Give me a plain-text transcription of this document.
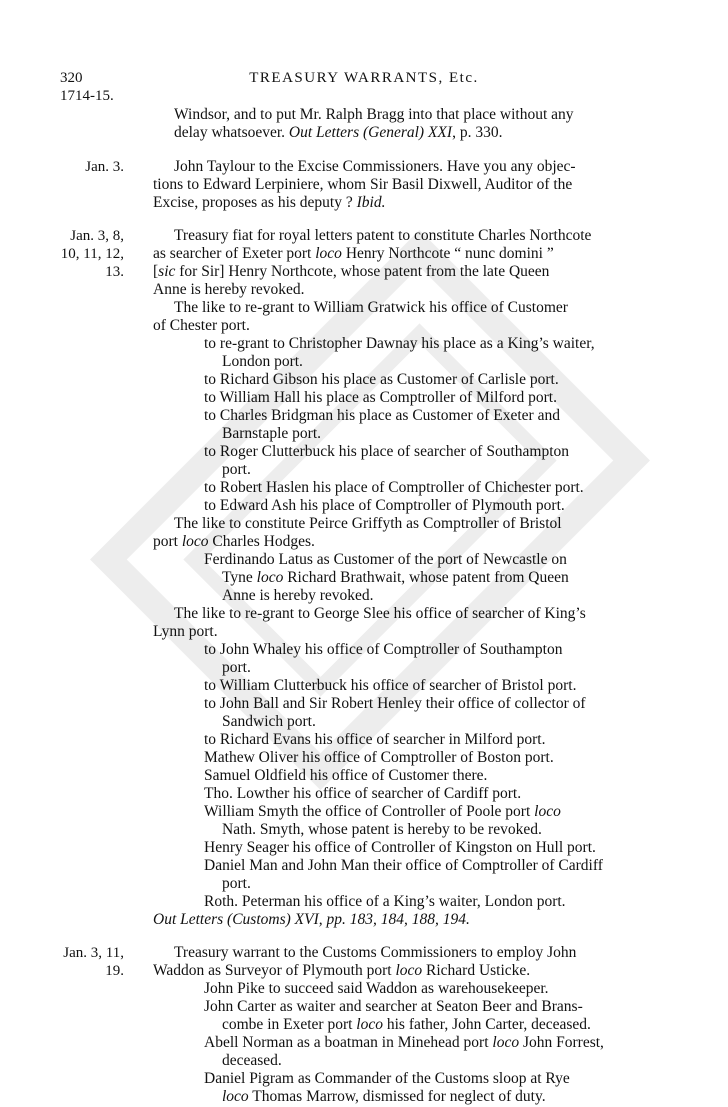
320	TREASURY WARRANTS, Etc.
1714-15.
Windsor, and to put Mr. Ralph Bragg into that place without any
delay whatsoever. Out Letters (General) XXI, p. 330.
Jan. 3.	John Taylour to the Excise Commissioners. Have you any objec-
tions to Edward Lerpiniere, whom Sir Basil Dixwell, Auditor of the
Excise, proposes as his deputy ? Ibid.
Jan. 3, 8,
10, 11, 12,
13.
Treasury fiat for royal letters patent to constitute Charles Northcote
as searcher of Exeter port loco Henry Northcote “ nunc domini ”
[sic for Sir] Henry Northcote, whose patent from the late Queen
Anne is hereby revoked.
The like to re-grant to William Gratwick his office of Customer
of Chester port.
to re-grant to Christopher Dawnay his place as a King’s waiter,
London port.
to Richard Gibson his place as Customer of Carlisle port.
to William Hall his place as Comptroller of Milford port.
to Charles Bridgman his place as Customer of Exeter and
Barnstaple port.
to Roger Clutterbuck his place of searcher of Southampton
port.
to Robert Haslen his place of Comptroller of Chichester port.
to Edward Ash his place of Comptroller of Plymouth port.
The like to constitute Peirce Griffyth as Comptroller of Bristol
port loco Charles Hodges.
Ferdinando Latus as Customer of the port of Newcastle on
Tyne loco Richard Brathwait, whose patent from Queen
Anne is hereby revoked.
The like to re-grant to George Slee his office of searcher of King’s
Lynn port.
to John Whaley his office of Comptroller of Southampton
port.
to William Clutterbuck his office of searcher of Bristol port.
to John Ball and Sir Robert Henley their office of collector of
Sandwich port.
to Richard Evans his office of searcher in Milford port.
Mathew Oliver his office of Comptroller of Boston port.
Samuel Oldfield his office of Customer there.
Tho. Lowther his office of searcher of Cardiff port.
William Smyth the office of Controller of Poole port loco
Nath. Smyth, whose patent is hereby to be revoked.
Henry Seager his office of Controller of Kingston on Hull port.
Daniel Man and John Man their office of Comptroller of Cardiff
port.
Roth. Peterman his office of a King’s waiter, London port.
Out Letters (Customs) XVI, pp. 183, 184, 188, 194.
Jan. 3, 11,
19.
Treasury warrant to the Customs Commissioners to employ John
Waddon as Surveyor of Plymouth port loco Richard Usticke.
John Pike to succeed said Waddon as warehousekeeper.
John Carter as waiter and searcher at Seaton Beer and Brans-
combe in Exeter port loco his father, John Carter, deceased.
Abell Norman as a boatman in Minehead port loco John Forrest,
deceased.
Daniel Pigram as Commander of the Customs sloop at Rye
loco Thomas Marrow, dismissed for neglect of duty.
